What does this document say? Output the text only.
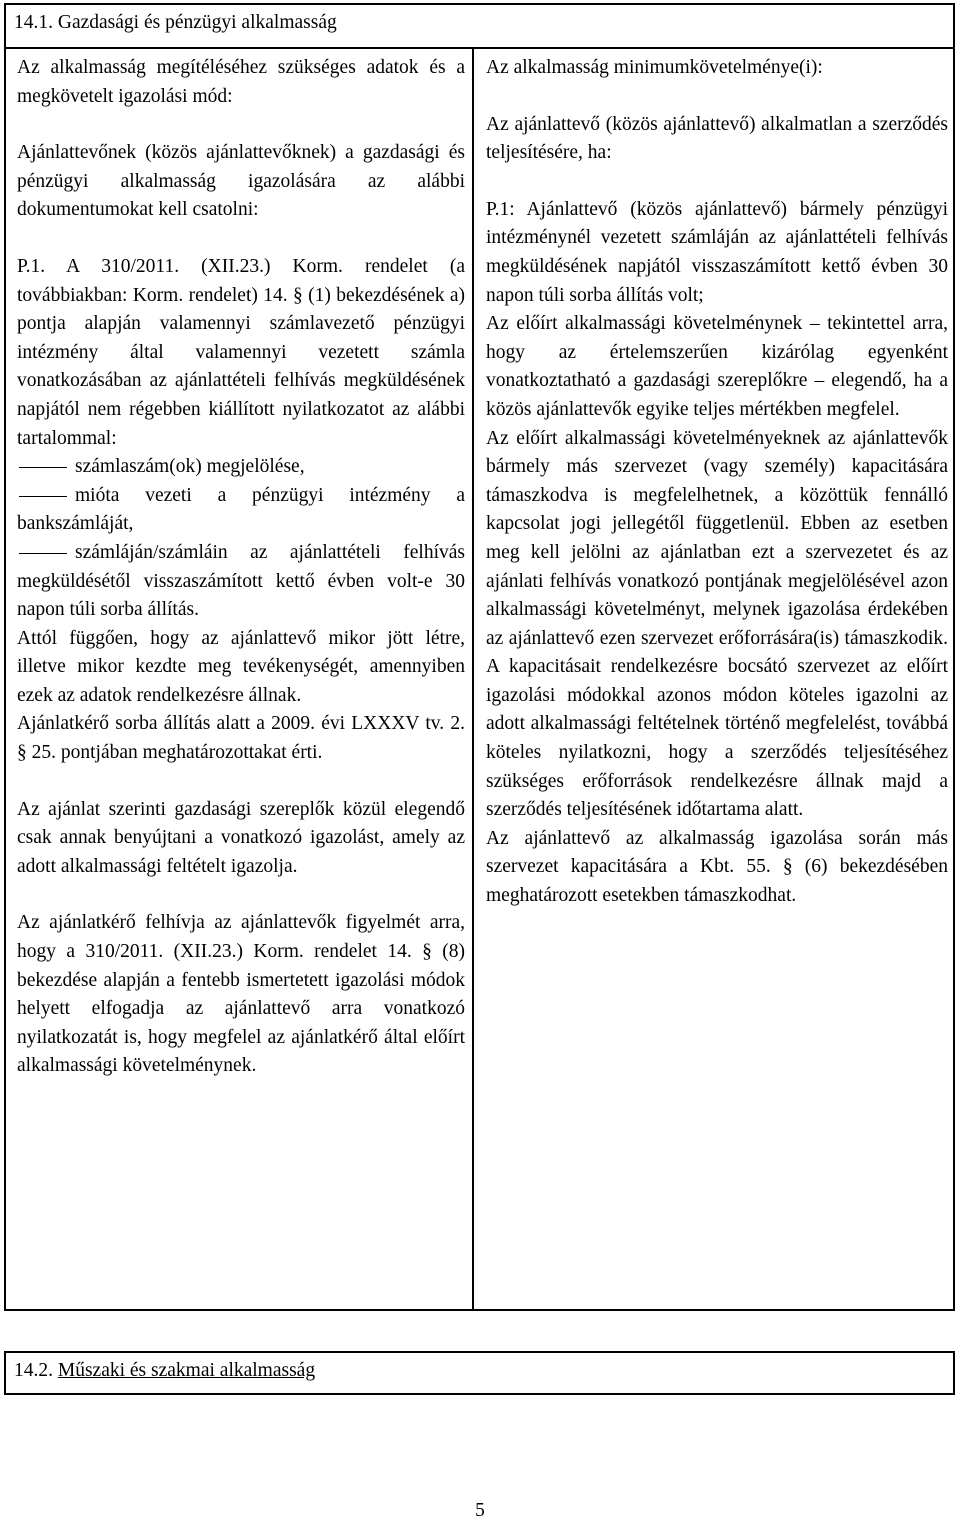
14.1. Gazdasági és pénzügyi alkalmasság

Az alkalmasság megítéléséhez szükséges adatok és a megkövetelt igazolási mód:

Ajánlattevőnek (közös ajánlattevőknek) a gazdasági és pénzügyi alkalmasság igazolására az alábbi dokumentumokat kell csatolni:

P.1. A 310/2011. (XII.23.) Korm. rendelet (a továbbiakban: Korm. rendelet) 14. § (1) bekezdésének a) pontja alapján valamennyi számlavezető pénzügyi intézmény által valamennyi vezetett számla vonatkozásában az ajánlattételi felhívás megküldésének napjától nem régebben kiállított nyilatkozatot az alábbi tartalommal:

számlaszám(ok) megjelölése,

mióta vezeti a pénzügyi intézmény a bankszámláját,

számláján/számláin az ajánlattételi felhívás megküldésétől visszaszámított kettő évben volt-e 30 napon túli sorba állítás.

Attól függően, hogy az ajánlattevő mikor jött létre, illetve mikor kezdte meg tevékenységét, amennyiben ezek az adatok rendelkezésre állnak.

Ajánlatkérő sorba állítás alatt a 2009. évi LXXXV tv. 2. § 25. pontjában meghatározottakat érti.

Az ajánlat szerinti gazdasági szereplők közül elegendő csak annak benyújtani a vonatkozó igazolást, amely az adott alkalmassági feltételt igazolja.

Az ajánlatkérő felhívja az ajánlattevők figyelmét arra, hogy a 310/2011. (XII.23.) Korm. rendelet 14. § (8) bekezdése alapján a fentebb ismertetett igazolási módok helyett elfogadja az ajánlattevő arra vonatkozó nyilatkozatát is, hogy megfelel az ajánlatkérő által előírt alkalmassági követelménynek.

Az alkalmasság minimumkövetelménye(i):

Az ajánlattevő (közös ajánlattevő) alkalmatlan a szerződés teljesítésére, ha:

P.1: Ajánlattevő (közös ajánlattevő) bármely pénzügyi intézménynél vezetett számláján az ajánlattételi felhívás megküldésének napjától visszaszámított kettő évben 30 napon túli sorba állítás volt;

Az előírt alkalmassági követelménynek – tekintettel arra, hogy az értelemszerűen kizárólag egyenként vonatkoztatható a gazdasági szereplőkre – elegendő, ha a közös ajánlattevők egyike teljes mértékben megfelel.

Az előírt alkalmassági követelményeknek az ajánlattevők bármely más szervezet (vagy személy) kapacitására támaszkodva is megfelelhetnek, a közöttük fennálló kapcsolat jogi jellegétől függetlenül. Ebben az esetben meg kell jelölni az ajánlatban ezt a szervezetet és az ajánlati felhívás vonatkozó pontjának megjelölésével azon alkalmassági követelményt, melynek igazolása érdekében az ajánlattevő ezen szervezet erőforrására(is) támaszkodik. A kapacitásait rendelkezésre bocsátó szervezet az előírt igazolási módokkal azonos módon köteles igazolni az adott alkalmassági feltételnek történő megfelelést, továbbá köteles nyilatkozni, hogy a szerződés teljesítéséhez szükséges erőforrások rendelkezésre állnak majd a szerződés teljesítésének időtartama alatt.

Az ajánlattevő az alkalmasság igazolása során más szervezet kapacitására a Kbt. 55. § (6) bekezdésében meghatározott esetekben támaszkodhat.

14.2. Műszaki és szakmai alkalmasság
5
